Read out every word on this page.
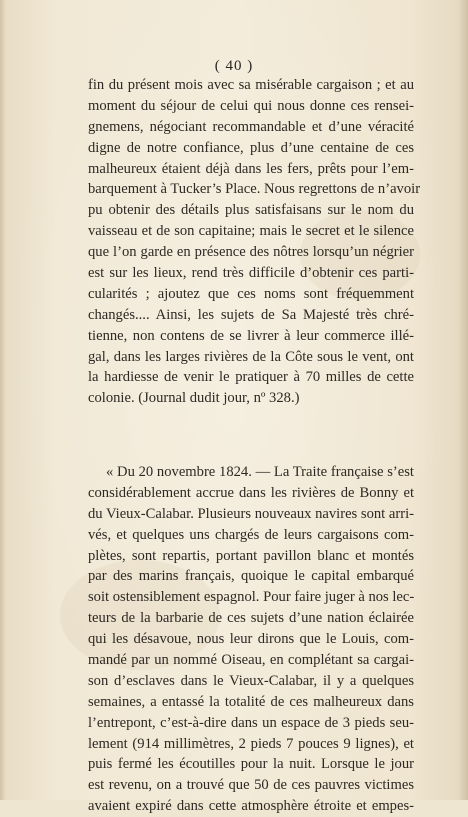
( 40 )
fin du présent mois avec sa misérable cargaison ; et au
moment du séjour de celui qui nous donne ces rensei-
gnemens, négociant recommandable et d’une véracité
digne de notre confiance, plus d’une centaine de ces
malheureux étaient déjà dans les fers, prêts pour l’em-
barquement à Tucker’s Place. Nous regrettons de n’avoir
pu obtenir des détails plus satisfaisans sur le nom du
vaisseau et de son capitaine; mais le secret et le silence
que l’on garde en présence des nôtres lorsqu’un négrier
est sur les lieux, rend très difficile d’obtenir ces parti-
cularités ; ajoutez que ces noms sont fréquemment
changés.... Ainsi, les sujets de Sa Majesté très chré-
tienne, non contens de se livrer à leur commerce illé-
gal, dans les larges rivières de la Côte sous le vent, ont
la hardiesse de venir le pratiquer à 70 milles de cette
colonie. (Journal dudit jour, nº 328.)
« Du 20 novembre 1824. — La Traite française s’est
considérablement accrue dans les rivières de Bonny et
du Vieux-Calabar. Plusieurs nouveaux navires sont arri-
vés, et quelques uns chargés de leurs cargaisons com-
plètes, sont repartis, portant pavillon blanc et montés
par des marins français, quoique le capital embarqué
soit ostensiblement espagnol. Pour faire juger à nos lec-
teurs de la barbarie de ces sujets d’une nation éclairée
qui les désavoue, nous leur dirons que le Louis, com-
mandé par un nommé Oiseau, en complétant sa cargai-
son d’esclaves dans le Vieux-Calabar, il y a quelques
semaines, a entassé la totalité de ces malheureux dans
l’entrepont, c’est-à-dire dans un espace de 3 pieds seu-
lement (914 millimètres, 2 pieds 7 pouces 9 lignes), et
puis fermé les écoutilles pour la nuit. Lorsque le jour
est revenu, on a trouvé que 50 de ces pauvres victimes
avaient expiré dans cette atmosphère étroite et empes-
